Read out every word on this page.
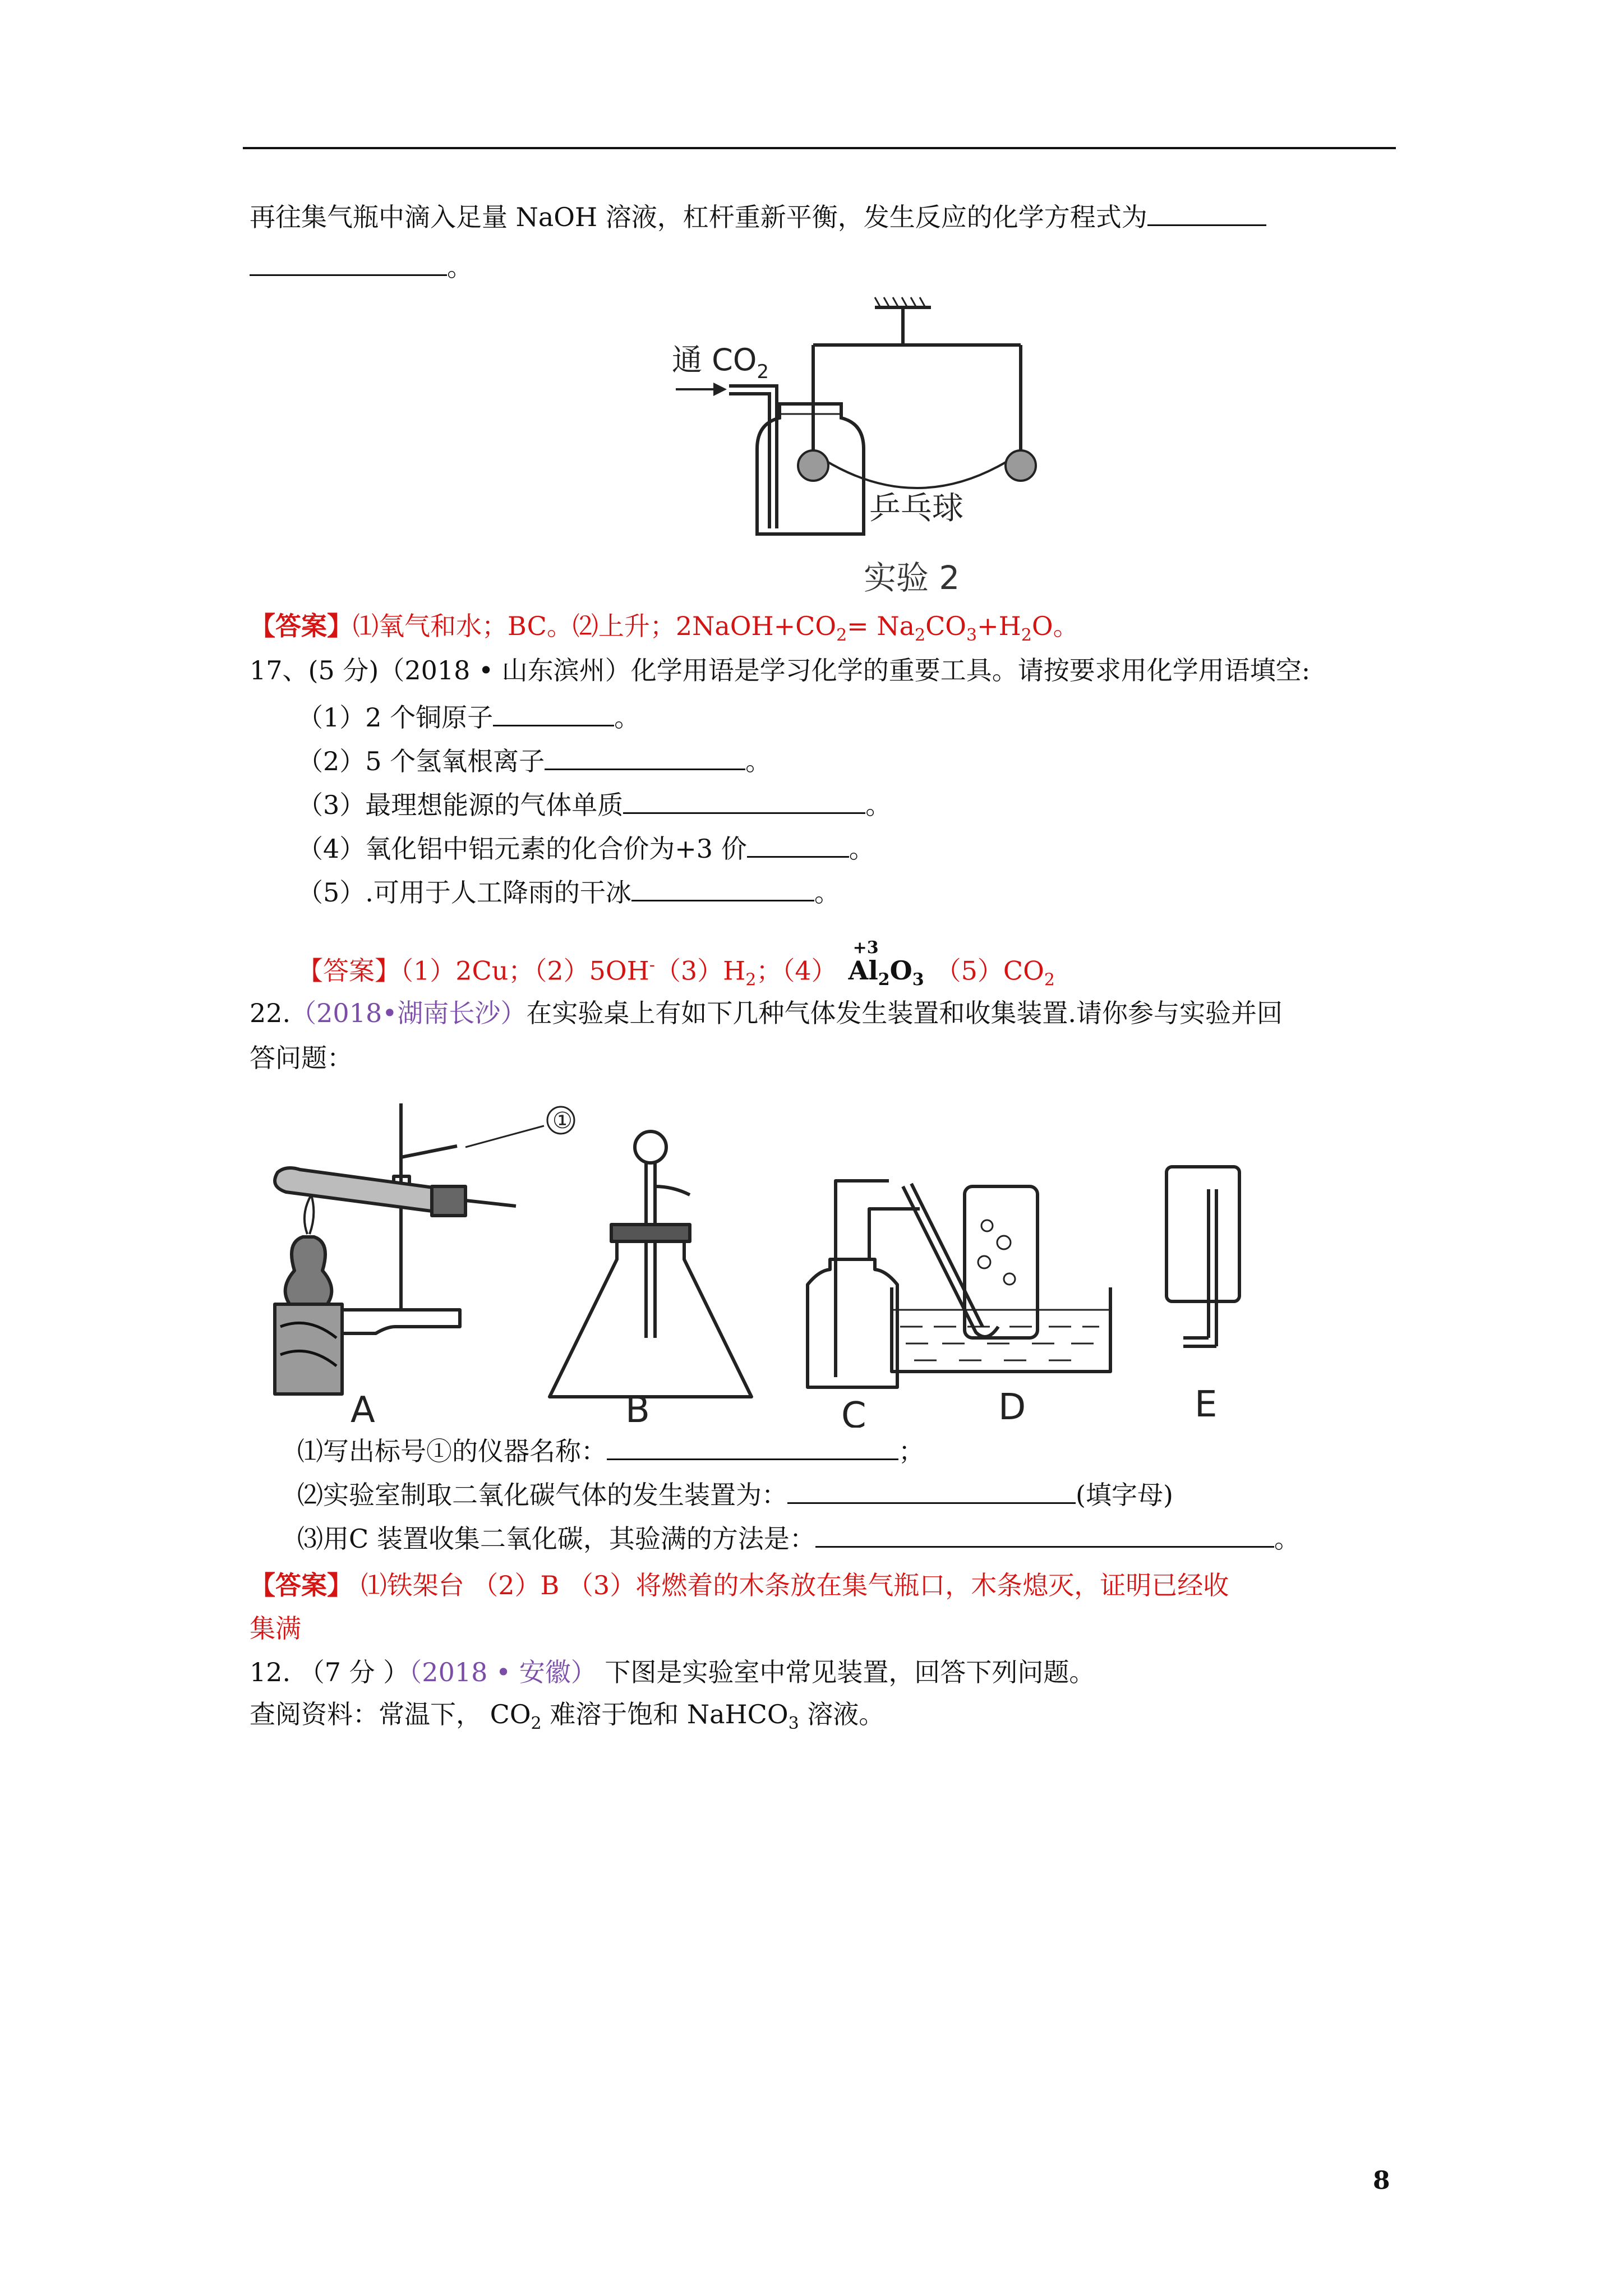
再往集气瓶中滴入足量 NaOH 溶液，杠杆重新平衡，发生反应的化学方程式为
。
通 $CO_2$
乒乓球
实验 2
【答案】⑴氧气和水；BC。⑵上升；$2NaOH+CO_2= Na_2CO_3+H_2O$。
17、(5 分)（2018 • 山东滨州）化学用语是学习化学的重要工具。请按要求用化学用语填空:
（1）2 个铜原子	。
（2）5 个氢氧根离子	。
（3）最理想能源的气体单质	。
（4）氧化铝中铝元素的化合价为+3 价	。
（5）.可用于人工降雨的干冰	。
【答案】（1）2Cu；$(2)5OH^-(3)H_2$；（4）
+3
$Al_2O_3$ $(5)CO_2$
22.（2018•湖南长沙）在实验桌上有如下几种气体发生装置和收集装置.请你参与实验并回
答问题：
①
A	B	C	D	E
⑴写出标号①的仪器名称：	；
⑵实验室制取二氧化碳气体的发生装置为：	(填字母)
⑶用C 装置收集二氧化碳，其验满的方法是：	。
【答案】 ⑴铁架台 （2）B （3）将燃着的木条放在集气瓶口，木条熄灭，证明已经收
集满
12. （7 分 ）（2018 • 安徽） 下图是实验室中常见装置，回答下列问题。
查阅资料：常温下， $CO_2$ 难溶于饱和 NaHCO$_3$ 溶液。
8
